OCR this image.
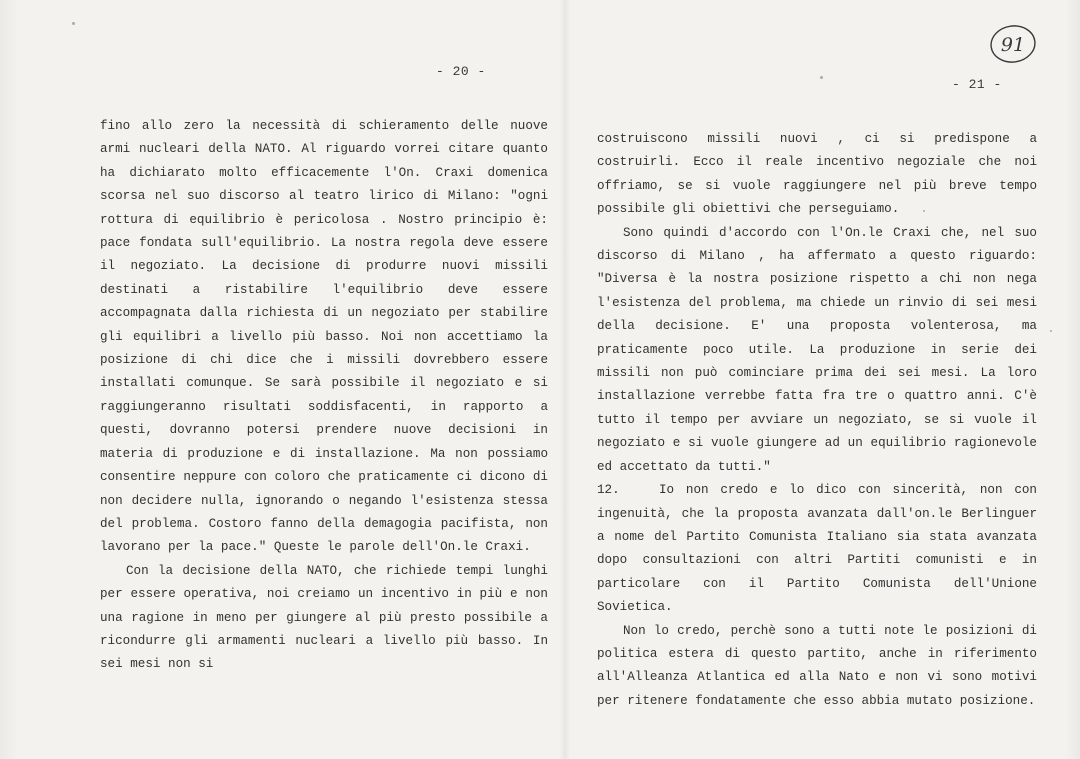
- 20 -
- 21 -
91

fino allo zero la necessità di schieramento delle nuove armi nucleari della NATO. Al riguardo vorrei citare quanto ha dichiarato molto efficacemente l'On. Craxi domenica scorsa nel suo discorso al teatro lirico di Milano: "ogni rottura di equilibrio è pericolosa . Nostro principio è: pace fondata sull'equilibrio. La nostra regola deve essere il negoziato. La decisione di produrre nuovi missili destinati a ristabilire l'equilibrio deve essere accompagnata dalla richiesta di un negoziato per stabilire gli equilibri a livello più basso. Noi non accettiamo la posizione di chi dice che i missili dovrebbero essere installati comunque. Se sarà possibile il negoziato e si raggiungeranno risultati soddisfacenti, in rapporto a questi, dovranno potersi prendere nuove decisioni in materia di produzione e di installazione. Ma non possiamo consentire neppure con coloro che praticamente ci dicono di non decidere nulla, ignorando o negando l'esistenza stessa del problema. Costoro fanno della demagogia pacifista, non lavorano per la pace." Queste le parole dell'On.le Craxi.

Con la decisione della NATO, che richiede tempi lunghi per essere operativa, noi creiamo un incentivo in più e non una ragione in meno per giungere al più presto possibile a ricondurre gli armamenti nucleari a livello più basso. In sei mesi non si

costruiscono missili nuovi , ci si predispone a costruirli. Ecco il reale incentivo negoziale che noi offriamo, se si vuole raggiungere nel più breve tempo possibile gli obiettivi che perseguiamo.

Sono quindi d'accordo con l'On.le Craxi che, nel suo discorso di Milano , ha affermato a questo riguardo: "Diversa è la nostra posizione rispetto a chi non nega l'esistenza del problema, ma chiede un rinvio di sei mesi della decisione. E' una proposta volenterosa, ma praticamente poco utile. La produzione in serie dei missili non può cominciare prima dei sei mesi. La loro installazione verrebbe fatta fra tre o quattro anni. C'è tutto il tempo per avviare un negoziato, se si vuole il negoziato e si vuole giungere ad un equilibrio ragionevole ed accettato da tutti."

12.	Io non credo e lo dico con sincerità, non con ingenuità, che la proposta avanzata dall'on.le Berlinguer a nome del Partito Comunista Italiano sia stata avanzata dopo consultazioni con altri Partiti comunisti e in particolare con il Partito Comunista dell'Unione Sovietica.

Non lo credo, perchè sono a tutti note le posizioni di politica estera di questo partito, anche in riferimento all'Alleanza Atlantica ed alla Nato e non vi sono motivi per ritenere fondatamente che esso abbia mutato posizione.
